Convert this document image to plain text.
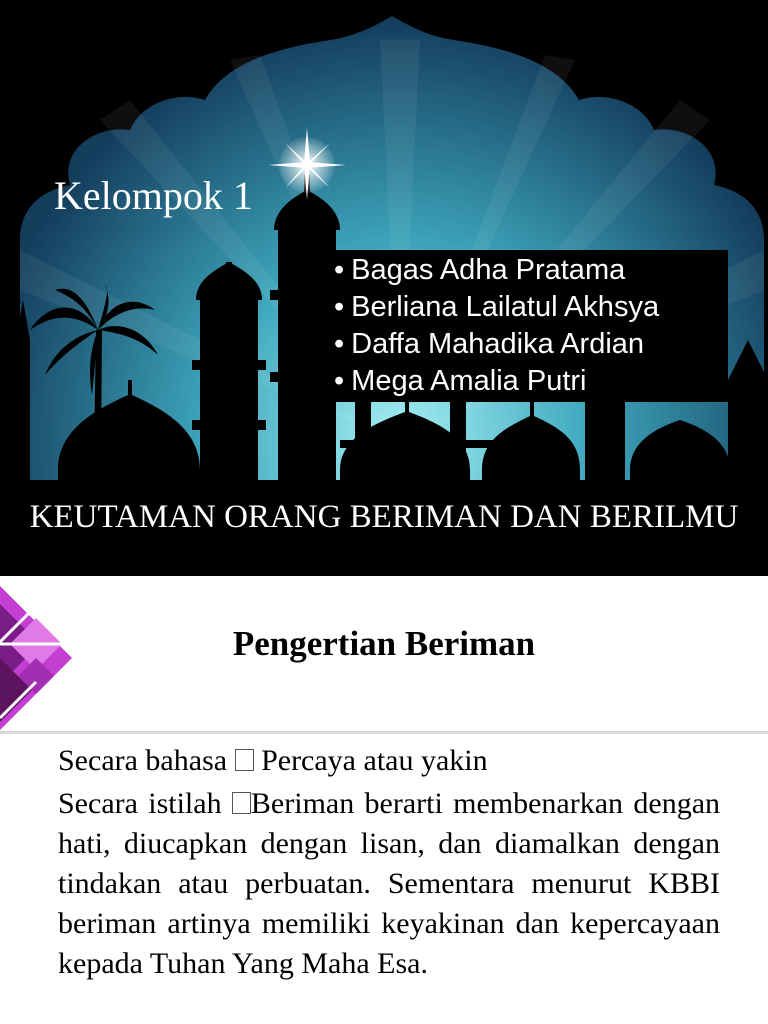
Kelompok 1
• Bagas Adha Pratama
• Berliana Lailatul Akhsya
• Daffa Mahadika Ardian
• Mega Amalia Putri
KEUTAMAN ORANG BERIMAN DAN BERILMU
Pengertian Beriman

Secara bahasa Percaya atau yakin

Secara istilah Beriman berarti membenarkan dengan hati, diucapkan dengan lisan, dan diamalkan dengan tindakan atau perbuatan. Sementara menurut KBBI beriman artinya memiliki keyakinan dan kepercayaan kepada Tuhan Yang Maha Esa.
